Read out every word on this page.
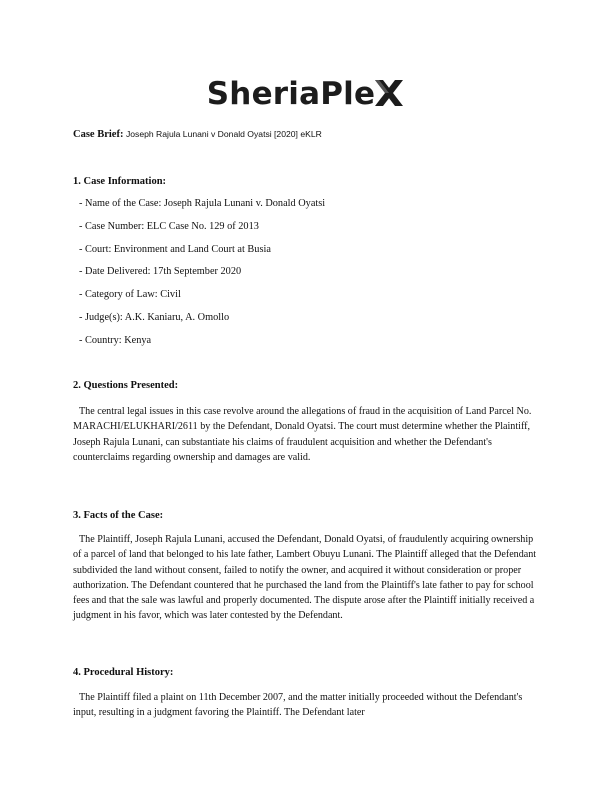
SheriaPle
Case Brief: Joseph Rajula Lunani v Donald Oyatsi [2020] eKLR
1. Case Information:
- Name of the Case: Joseph Rajula Lunani v. Donald Oyatsi
- Case Number: ELC Case No. 129 of 2013
- Court: Environment and Land Court at Busia
- Date Delivered: 17th September 2020
- Category of Law: Civil
- Judge(s): A.K. Kaniaru, A. Omollo
- Country: Kenya
2. Questions Presented:

The central legal issues in this case revolve around the allegations of fraud in the acquisition of Land Parcel No. MARACHI/ELUKHARI/2611 by the Defendant, Donald Oyatsi. The court must determine whether the Plaintiff, Joseph Rajula Lunani, can substantiate his claims of fraudulent acquisition and whether the Defendant's counterclaims regarding ownership and damages are valid.

3. Facts of the Case:

The Plaintiff, Joseph Rajula Lunani, accused the Defendant, Donald Oyatsi, of fraudulently acquiring ownership of a parcel of land that belonged to his late father, Lambert Obuyu Lunani. The Plaintiff alleged that the Defendant subdivided the land without consent, failed to notify the owner, and acquired it without consideration or proper authorization. The Defendant countered that he purchased the land from the Plaintiff's late father to pay for school fees and that the sale was lawful and properly documented. The dispute arose after the Plaintiff initially received a judgment in his favor, which was later contested by the Defendant.

4. Procedural History:

The Plaintiff filed a plaint on 11th December 2007, and the matter initially proceeded without the Defendant's input, resulting in a judgment favoring the Plaintiff. The Defendant later
